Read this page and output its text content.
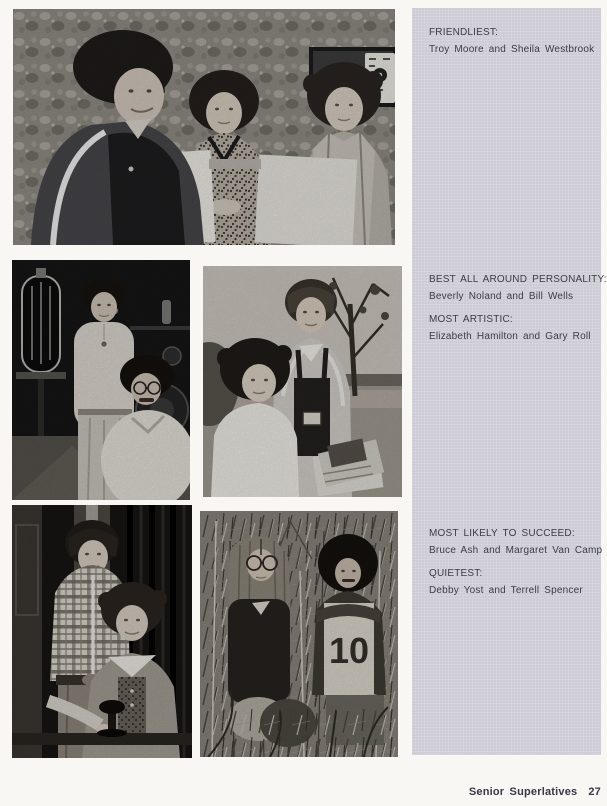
10
FRIENDLIEST:
Troy Moore and Sheila Westbrook
BEST ALL AROUND PERSONALITY:
Beverly Noland and Bill Wells
MOST ARTISTIC:
Elizabeth Hamilton and Gary Roll
MOST LIKELY TO SUCCEED:
Bruce Ash and Margaret Van Camp
QUIETEST:
Debby Yost and Terrell Spencer
Senior Superlatives 27
